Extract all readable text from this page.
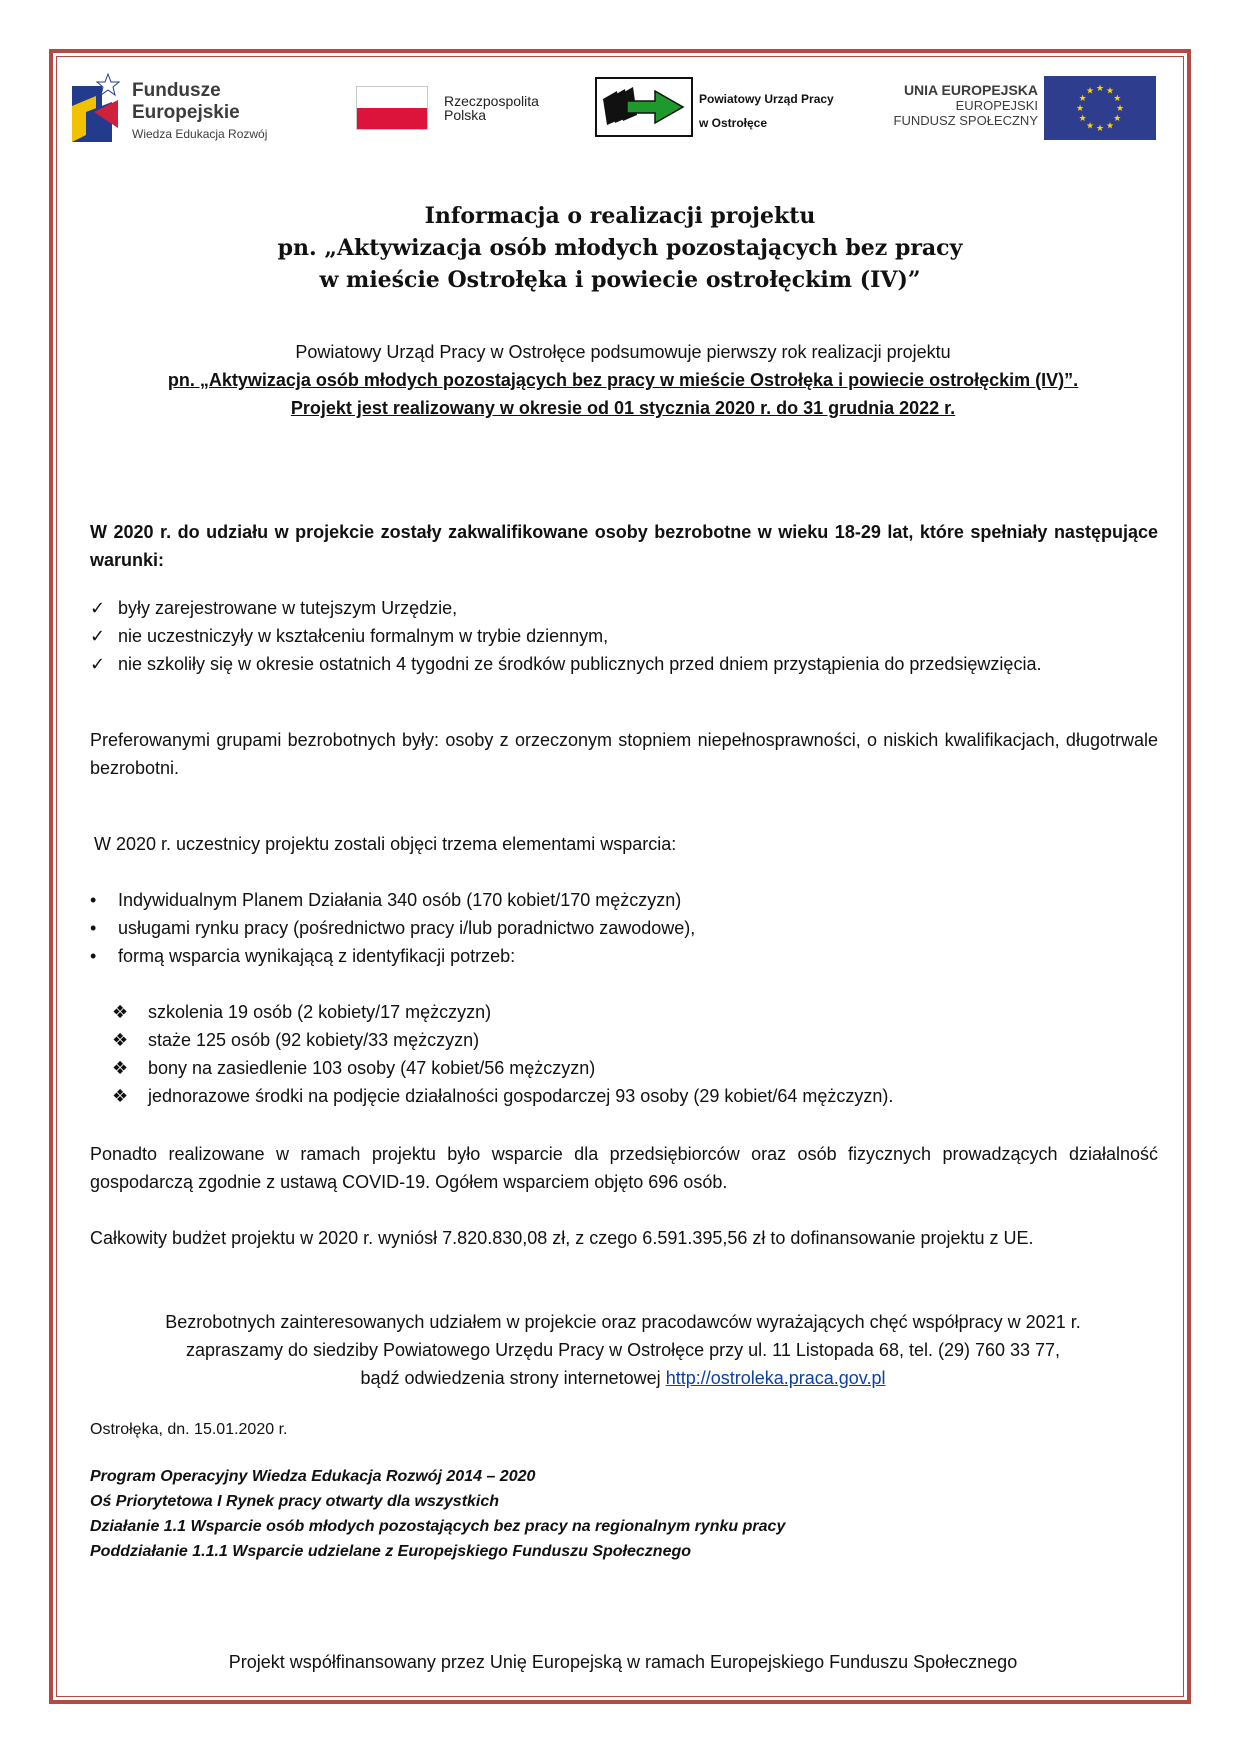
Fundusze
Europejskie
Wiedza Edukacja Rozwój
Rzeczpospolita
Polska
Powiatowy Urząd Pracy
w Ostrołęce
UNIA EUROPEJSKA
EUROPEJSKI
FUNDUSZ SPOŁECZNY
★ ★
★
★
★
★
★
★
★
★
★
★
Informacja o realizacji projektu
pn. „Aktywizacja osób młodych pozostających bez pracy
w mieście Ostrołęka i powiecie ostrołęckim (IV)”
Powiatowy Urząd Pracy w Ostrołęce podsumowuje pierwszy rok realizacji projektu
pn. „Aktywizacja osób młodych pozostających bez pracy w mieście Ostrołęka i powiecie ostrołęckim (IV)”.
Projekt jest realizowany w okresie od 01 stycznia 2020 r. do 31 grudnia 2022 r.
W 2020 r. do udziału w projekcie zostały zakwalifikowane osoby bezrobotne w wieku 18-29 lat, które spełniały następujące warunki:
✓ były zarejestrowane w tutejszym Urzędzie,
✓ nie uczestniczyły w kształceniu formalnym w trybie dziennym,
✓ nie szkoliły się w okresie ostatnich 4 tygodni ze środków publicznych przed dniem przystąpienia do przedsięwzięcia.
Preferowanymi grupami bezrobotnych były: osoby z orzeczonym stopniem niepełnosprawności, o niskich kwalifikacjach, długotrwale bezrobotni.
W 2020 r. uczestnicy projektu zostali objęci trzema elementami wsparcia:
•	Indywidualnym Planem Działania 340 osób (170 kobiet/170 mężczyzn)
•	usługami rynku pracy (pośrednictwo pracy i/lub poradnictwo zawodowe),
•	formą wsparcia wynikającą z identyfikacji potrzeb:
❖	szkolenia 19 osób (2 kobiety/17 mężczyzn)
❖	staże 125 osób (92 kobiety/33 mężczyzn)
❖	bony na zasiedlenie 103 osoby (47 kobiet/56 mężczyzn)
❖	jednorazowe środki na podjęcie działalności gospodarczej 93 osoby (29 kobiet/64 mężczyzn).
Ponadto realizowane w ramach projektu było wsparcie dla przedsiębiorców oraz osób fizycznych prowadzących działalność gospodarczą zgodnie z ustawą COVID-19. Ogółem wsparciem objęto 696 osób.
Całkowity budżet projektu w 2020 r. wyniósł 7.820.830,08 zł, z czego 6.591.395,56 zł to dofinansowanie projektu z UE.
Bezrobotnych zainteresowanych udziałem w projekcie oraz pracodawców wyrażających chęć współpracy w 2021 r.
zapraszamy do siedziby Powiatowego Urzędu Pracy w Ostrołęce przy ul. 11 Listopada 68, tel. (29) 760 33 77,
bądź odwiedzenia strony internetowej http://ostroleka.praca.gov.pl
Ostrołęka, dn. 15.01.2020 r.
Program Operacyjny Wiedza Edukacja Rozwój 2014 – 2020
Oś Priorytetowa I Rynek pracy otwarty dla wszystkich
Działanie 1.1 Wsparcie osób młodych pozostających bez pracy na regionalnym rynku pracy
Poddziałanie 1.1.1 Wsparcie udzielane z Europejskiego Funduszu Społecznego
Projekt współfinansowany przez Unię Europejską w ramach Europejskiego Funduszu Społecznego
